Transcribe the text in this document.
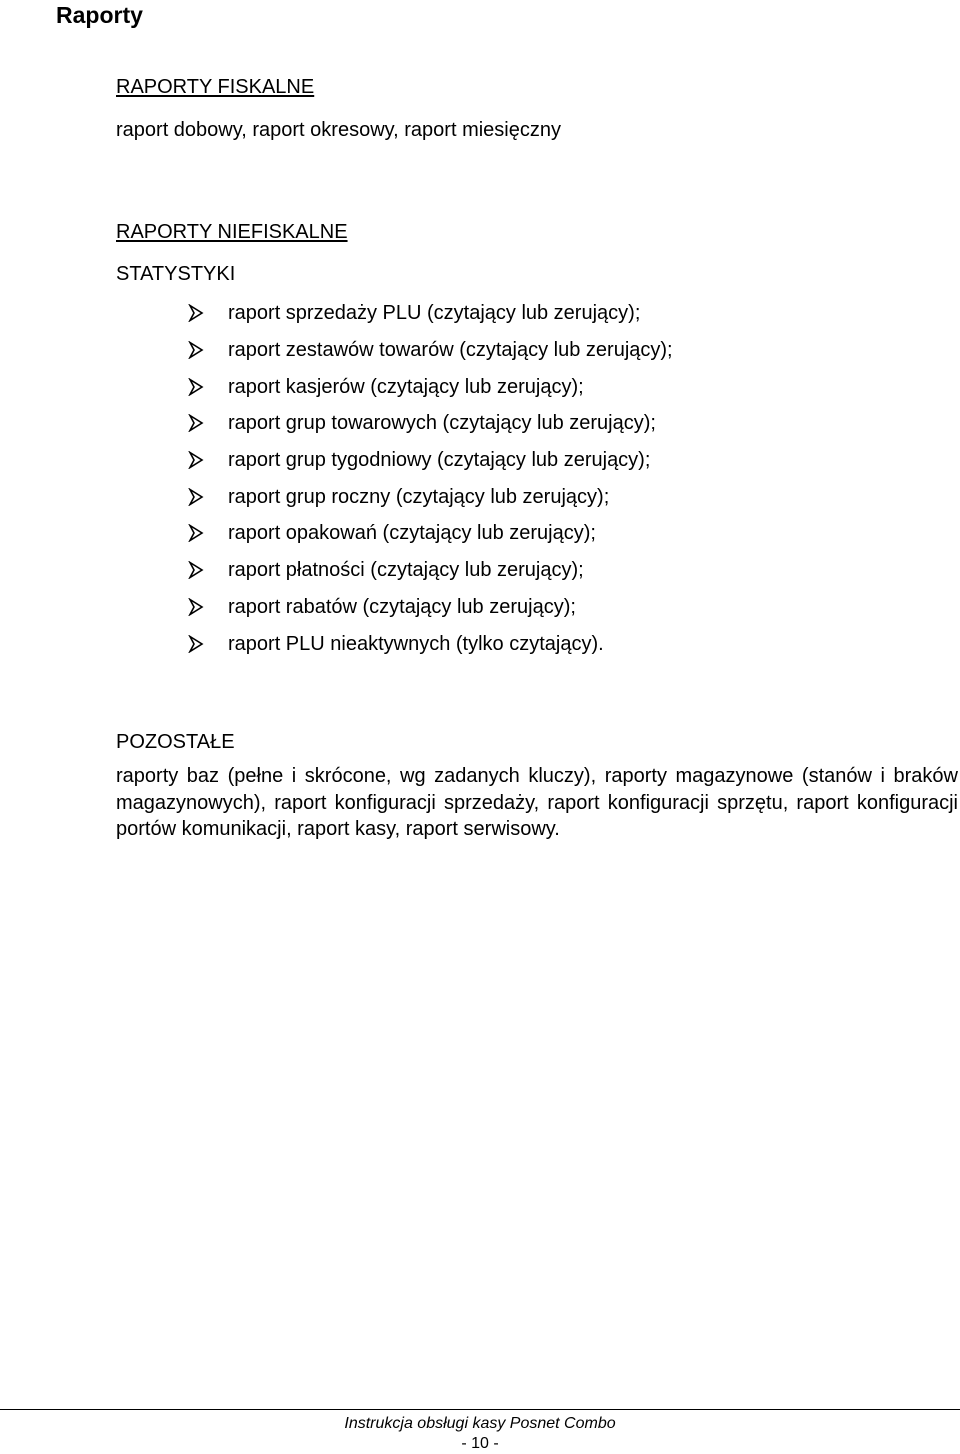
Raporty
RAPORTY FISKALNE
raport dobowy, raport okresowy, raport miesięczny
RAPORTY NIEFISKALNE
STATYSTYKI
raport sprzedaży PLU (czytający lub zerujący);
raport zestawów towarów (czytający lub zerujący);
raport kasjerów (czytający lub zerujący);
raport grup towarowych (czytający lub zerujący);
raport grup tygodniowy (czytający lub zerujący);
raport grup roczny (czytający lub zerujący);
raport opakowań (czytający lub zerujący);
raport płatności (czytający lub zerujący);
raport rabatów (czytający lub zerujący);
raport PLU nieaktywnych (tylko czytający).
POZOSTAŁE
raporty baz (pełne i skrócone, wg zadanych kluczy), raporty magazynowe (stanów i braków magazynowych), raport konfiguracji sprzedaży, raport konfiguracji sprzętu, raport konfiguracji portów komunikacji, raport kasy, raport serwisowy.
Instrukcja obsługi kasy Posnet Combo
- 10 -
